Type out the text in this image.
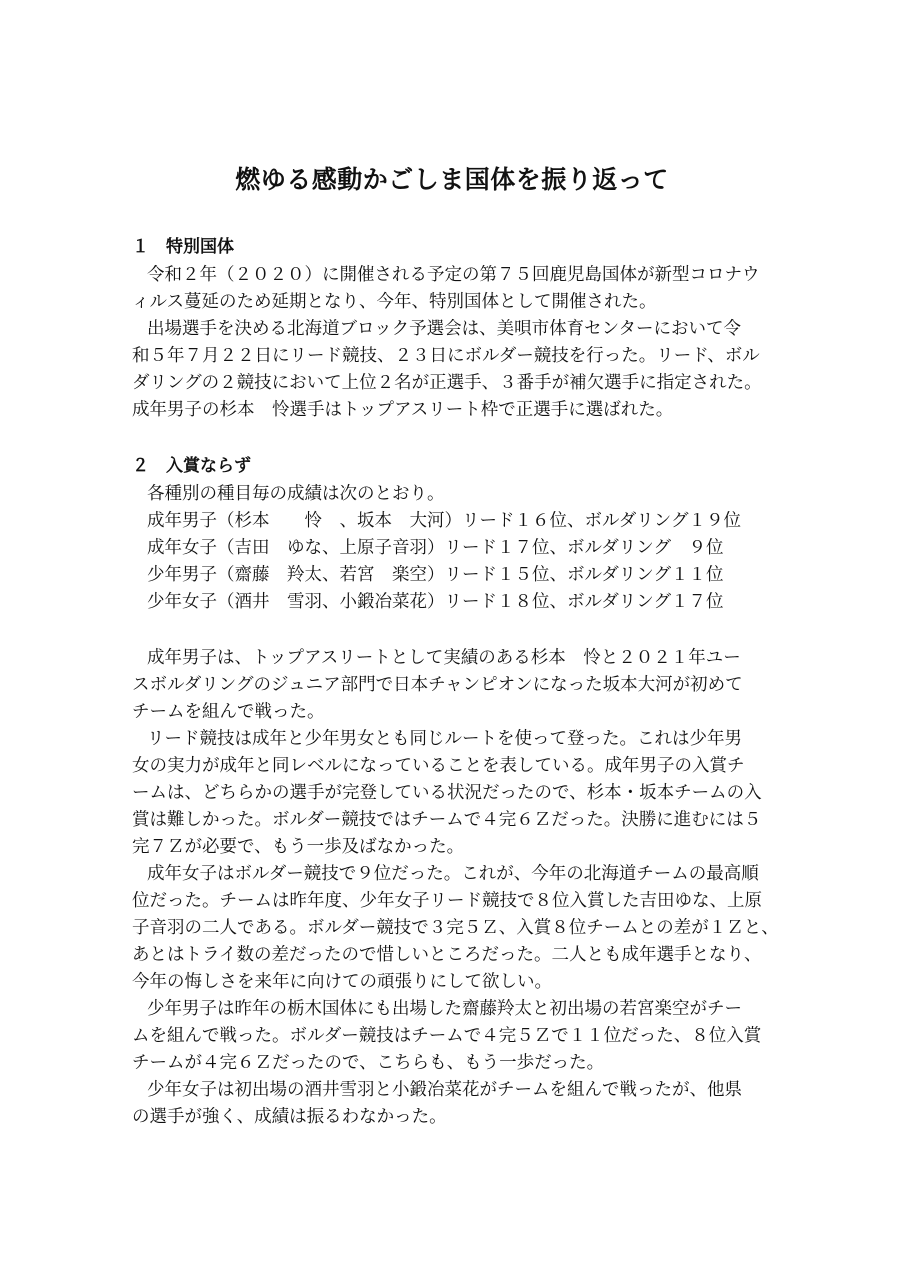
燃ゆる感動かごしま国体を振り返って
１　特別国体
令和２年（２０２０）に開催される予定の第７５回鹿児島国体が新型コロナウ
ィルス蔓延のため延期となり、今年、特別国体として開催された。
出場選手を決める北海道ブロック予選会は、美唄市体育センターにおいて令
和５年７月２２日にリード競技、２３日にボルダー競技を行った。リード、ボル
ダリングの２競技において上位２名が正選手、３番手が補欠選手に指定された。
成年男子の杉本　怜選手はトップアスリート枠で正選手に選ばれた。
２　入賞ならず
各種別の種目毎の成績は次のとおり。
成年男子（杉本　　怜　、坂本　大河）リード１６位、ボルダリング１９位
成年女子（吉田　ゆな、上原子音羽）リード１７位、ボルダリング　９位
少年男子（齋藤　羚太、若宮　楽空）リード１５位、ボルダリング１１位
少年女子（酒井　雪羽、小鍛冶菜花）リード１８位、ボルダリング１７位
成年男子は、トップアスリートとして実績のある杉本　怜と２０２１年ユー
スボルダリングのジュニア部門で日本チャンピオンになった坂本大河が初めて
チームを組んで戦った。
リード競技は成年と少年男女とも同じルートを使って登った。これは少年男
女の実力が成年と同レベルになっていることを表している。成年男子の入賞チ
ームは、どちらかの選手が完登している状況だったので、杉本・坂本チームの入
賞は難しかった。ボルダー競技ではチームで４完６Ｚだった。決勝に進むには５
完７Ｚが必要で、もう一歩及ばなかった。
成年女子はボルダー競技で９位だった。これが、今年の北海道チームの最高順
位だった。チームは昨年度、少年女子リード競技で８位入賞した吉田ゆな、上原
子音羽の二人である。ボルダー競技で３完５Ｚ、入賞８位チームとの差が１Ｚと、
あとはトライ数の差だったので惜しいところだった。二人とも成年選手となり、
今年の悔しさを来年に向けての頑張りにして欲しい。
少年男子は昨年の栃木国体にも出場した齋藤羚太と初出場の若宮楽空がチー
ムを組んで戦った。ボルダー競技はチームで４完５Ｚで１１位だった、８位入賞
チームが４完６Ｚだったので、こちらも、もう一歩だった。
少年女子は初出場の酒井雪羽と小鍛冶菜花がチームを組んで戦ったが、他県
の選手が強く、成績は振るわなかった。
